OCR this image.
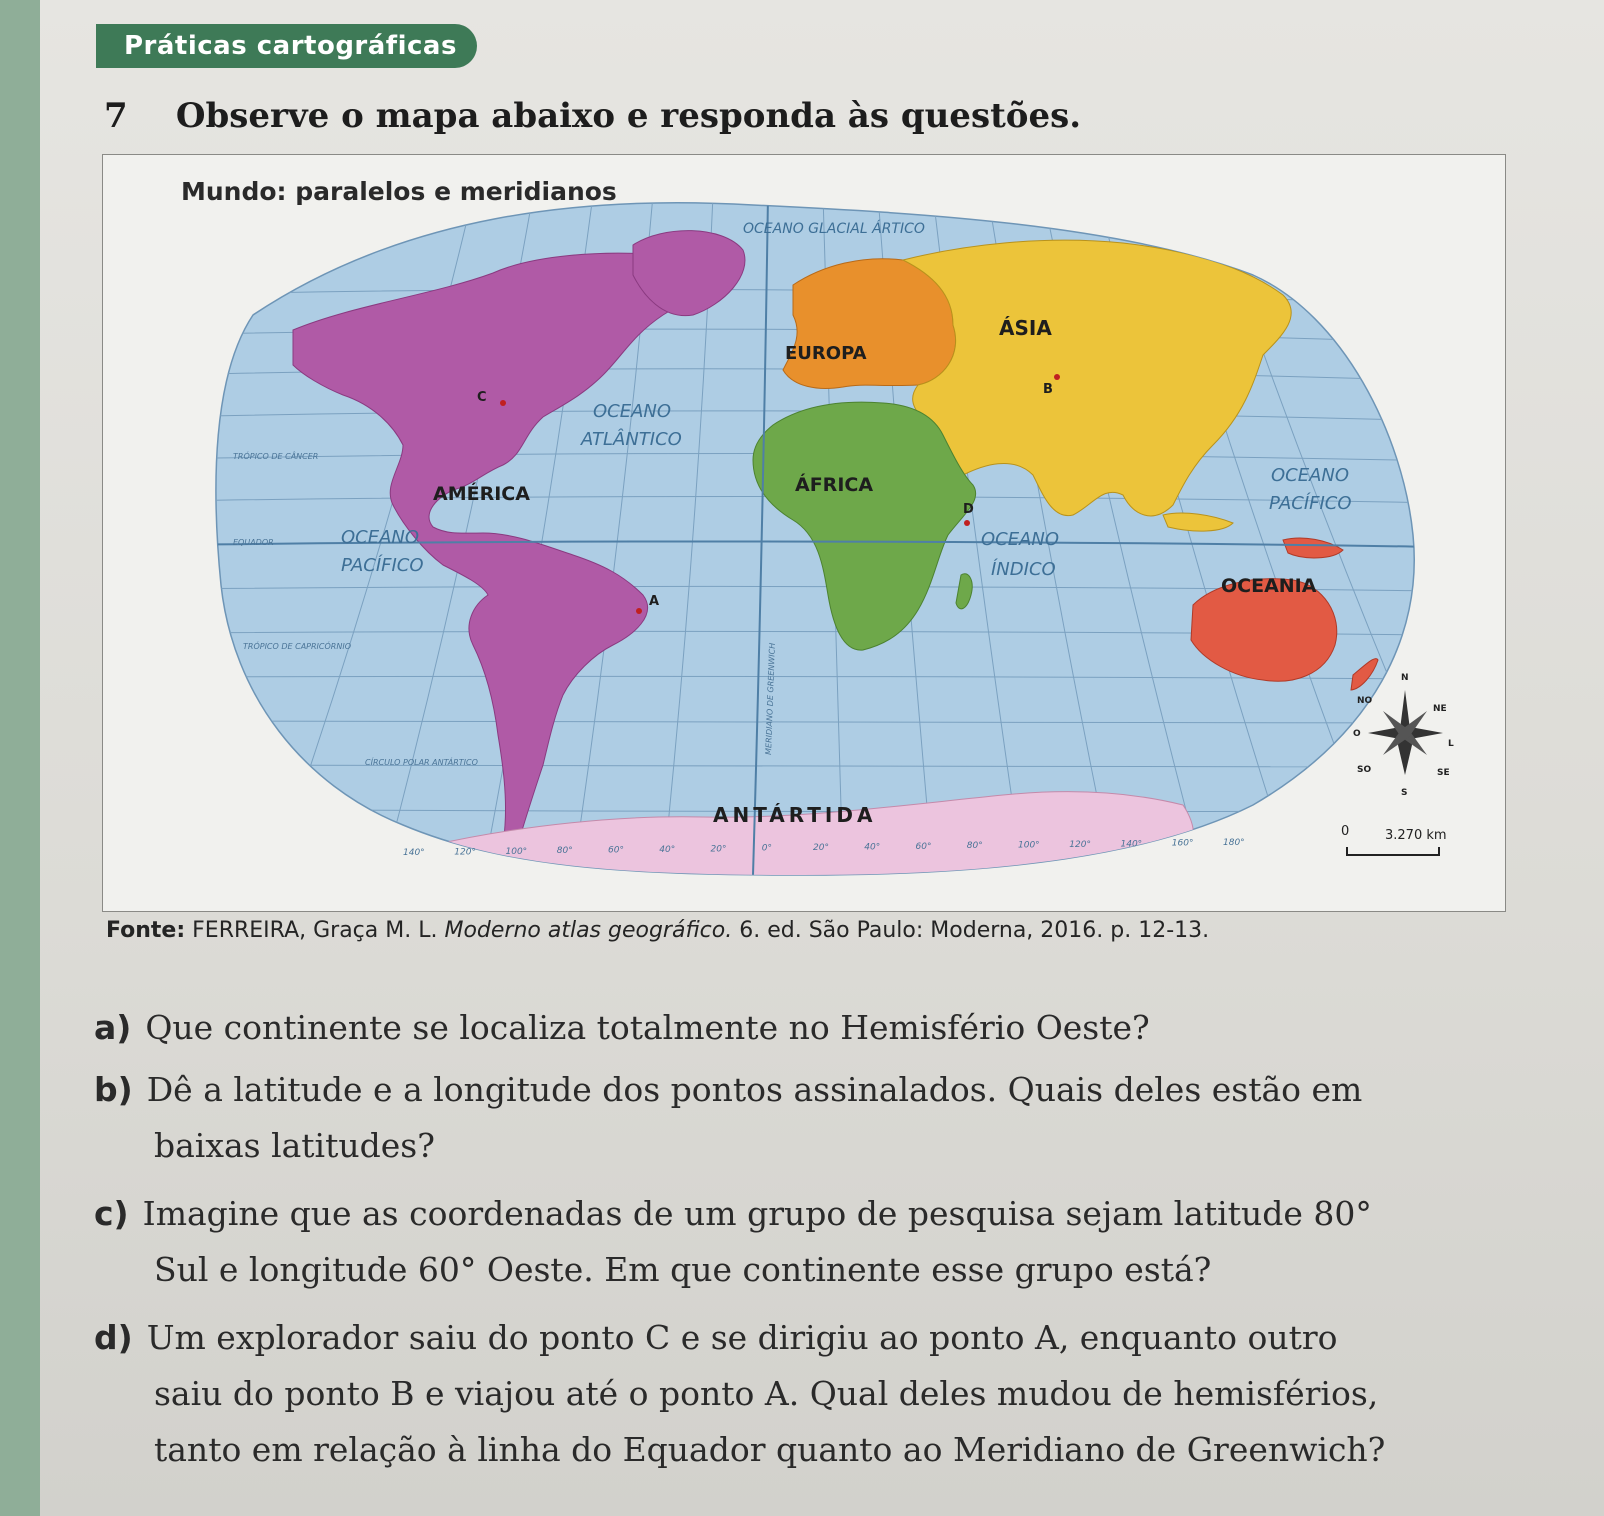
Práticas cartográficas
7 Observe o mapa abaixo e responda às questões.
Mundo: paralelos e meridianos
AMÉRICA
EUROPA
ÁSIA
ÁFRICA
OCEANIA
ANTÁRTIDA
OCEANO GLACIAL ÁRTICO
OCEANO
ATLÂNTICO
OCEANO
PACÍFICO
OCEANO
PACÍFICO
OCEANO
ÍNDICO
TRÓPICO DE CÂNCER
EQUADOR
TRÓPICO DE CAPRICÓRNIO
CÍRCULO POLAR ANTÁRTICO
MERIDIANO DE GREENWICH
C
B
D
A
140°	120°	100°	80°	60°	40°	20°	0°	20°	40°	60°	80°	100°	120°	140°	160°	180°
N
S
L
O
NO
NE
SO	SE
0	3.270 km
Fonte: FERREIRA, Graça M. L. Moderno atlas geográfico. 6. ed. São Paulo: Moderna, 2016. p. 12-13.
a) Que continente se localiza totalmente no Hemisfério Oeste?
b) Dê a latitude e a longitude dos pontos assinalados. Quais deles estão em
baixas latitudes?
c) Imagine que as coordenadas de um grupo de pesquisa sejam latitude 80°
Sul e longitude 60° Oeste. Em que continente esse grupo está?
d) Um explorador saiu do ponto C e se dirigiu ao ponto A, enquanto outro
saiu do ponto B e viajou até o ponto A. Qual deles mudou de hemisférios,
tanto em relação à linha do Equador quanto ao Meridiano de Greenwich?
